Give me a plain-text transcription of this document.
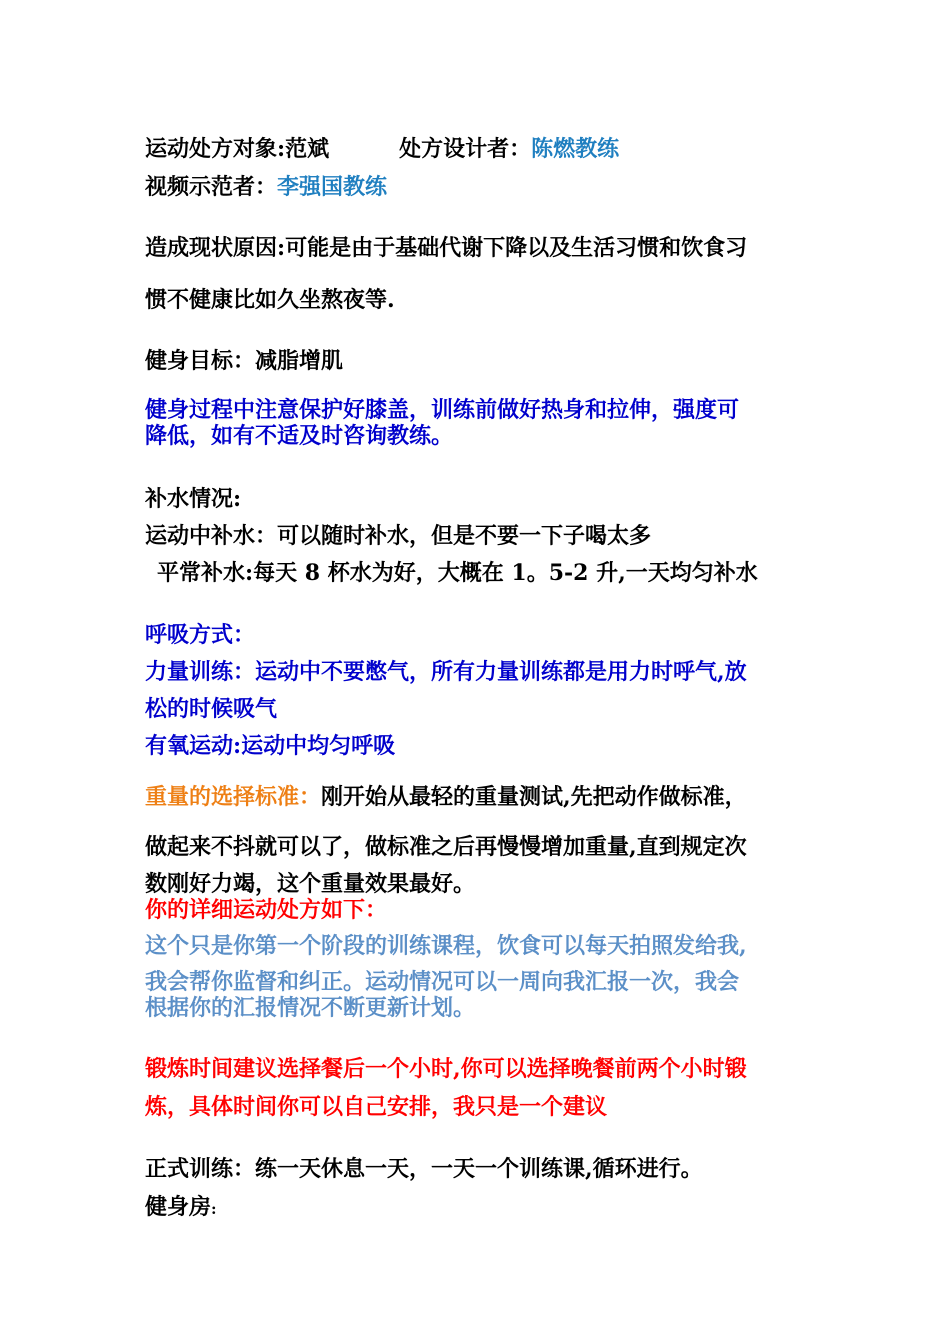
运动处方对象:范斌	处方设计者：陈燃教练
视频示范者：李强国教练
造成现状原因:可能是由于基础代谢下降以及生活习惯和饮食习
惯不健康比如久坐熬夜等.
健身目标：减脂增肌
健身过程中注意保护好膝盖，训练前做好热身和拉伸，强度可
降低，如有不适及时咨询教练。
补水情况:
运动中补水：可以随时补水，但是不要一下子喝太多
平常补水:每天 8 杯水为好，大概在 1。5-2 升,一天均匀补水
呼吸方式：
力量训练：运动中不要憋气，所有力量训练都是用力时呼气,放
松的时候吸气
有氧运动:运动中均匀呼吸
重量的选择标准：刚开始从最轻的重量测试,先把动作做标准，
做起来不抖就可以了，做标准之后再慢慢增加重量,直到规定次
数刚好力竭，这个重量效果最好。
你的详细运动处方如下：
这个只是你第一个阶段的训练课程，饮食可以每天拍照发给我,
我会帮你监督和纠正。运动情况可以一周向我汇报一次，我会
根据你的汇报情况不断更新计划。
锻炼时间建议选择餐后一个小时,你可以选择晚餐前两个小时锻
炼，具体时间你可以自己安排，我只是一个建议
正式训练：练一天休息一天，一天一个训练课,循环进行。
健身房:
